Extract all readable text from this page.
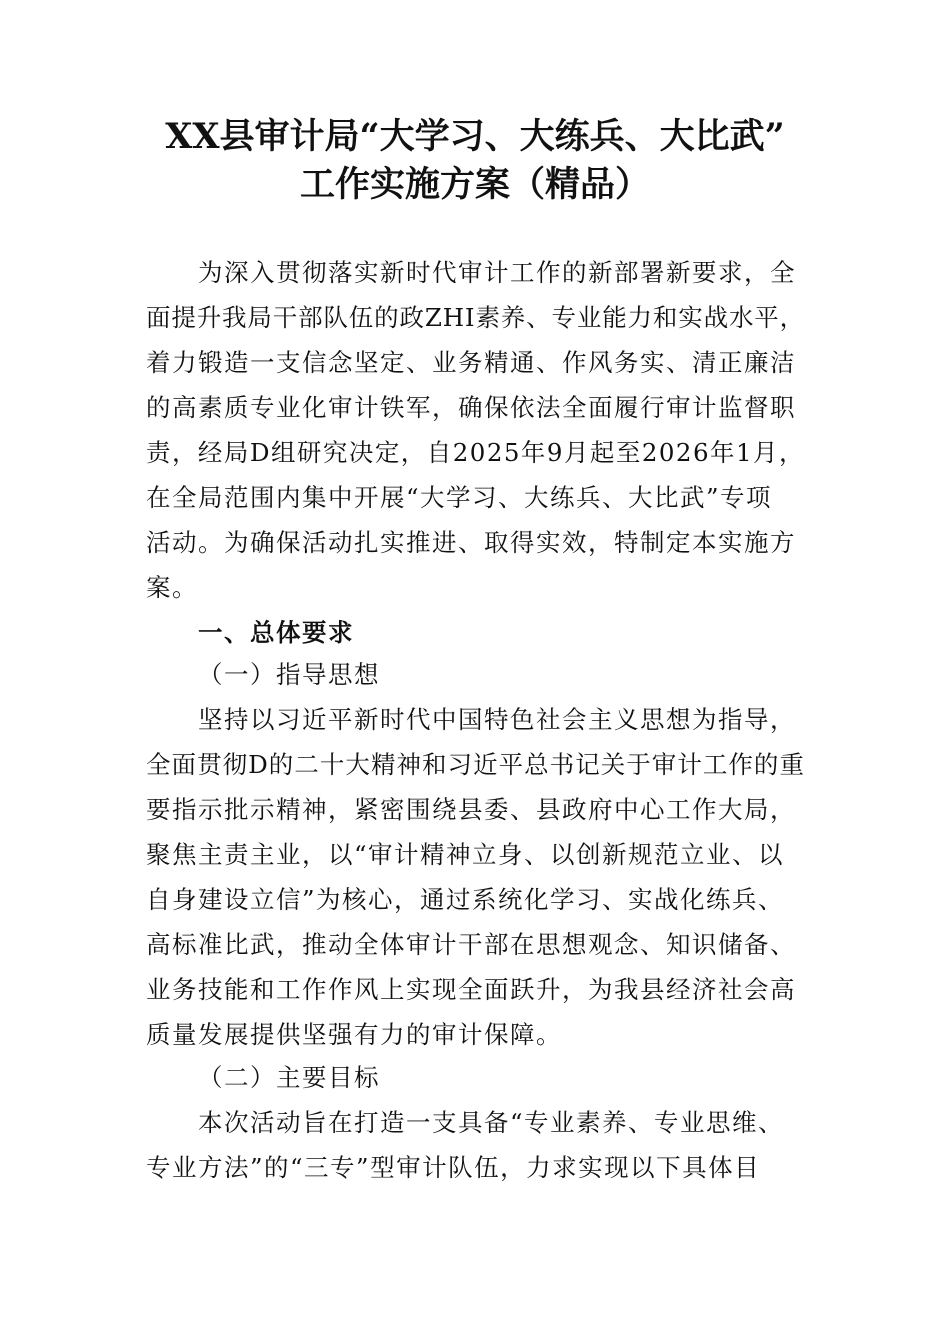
XX县审计局“大学习、大练兵、大比武”
工作实施方案（精品）
为深入贯彻落实新时代审计工作的新部署新要求，全
面提升我局干部队伍的政ZHI素养、专业能力和实战水平，
着力锻造一支信念坚定、业务精通、作风务实、清正廉洁
的高素质专业化审计铁军，确保依法全面履行审计监督职
责，经局D组研究决定，自2025年9月起至2026年1月，
在全局范围内集中开展“大学习、大练兵、大比武”专项
活动。为确保活动扎实推进、取得实效，特制定本实施方
案。
一、总体要求
（一）指导思想
坚持以习近平新时代中国特色社会主义思想为指导，
全面贯彻D的二十大精神和习近平总书记关于审计工作的重
要指示批示精神，紧密围绕县委、县政府中心工作大局，
聚焦主责主业，以“审计精神立身、以创新规范立业、以
自身建设立信”为核心，通过系统化学习、实战化练兵、
高标准比武，推动全体审计干部在思想观念、知识储备、
业务技能和工作作风上实现全面跃升，为我县经济社会高
质量发展提供坚强有力的审计保障。
（二）主要目标
本次活动旨在打造一支具备“专业素养、专业思维、
专业方法”的“三专”型审计队伍，力求实现以下具体目
